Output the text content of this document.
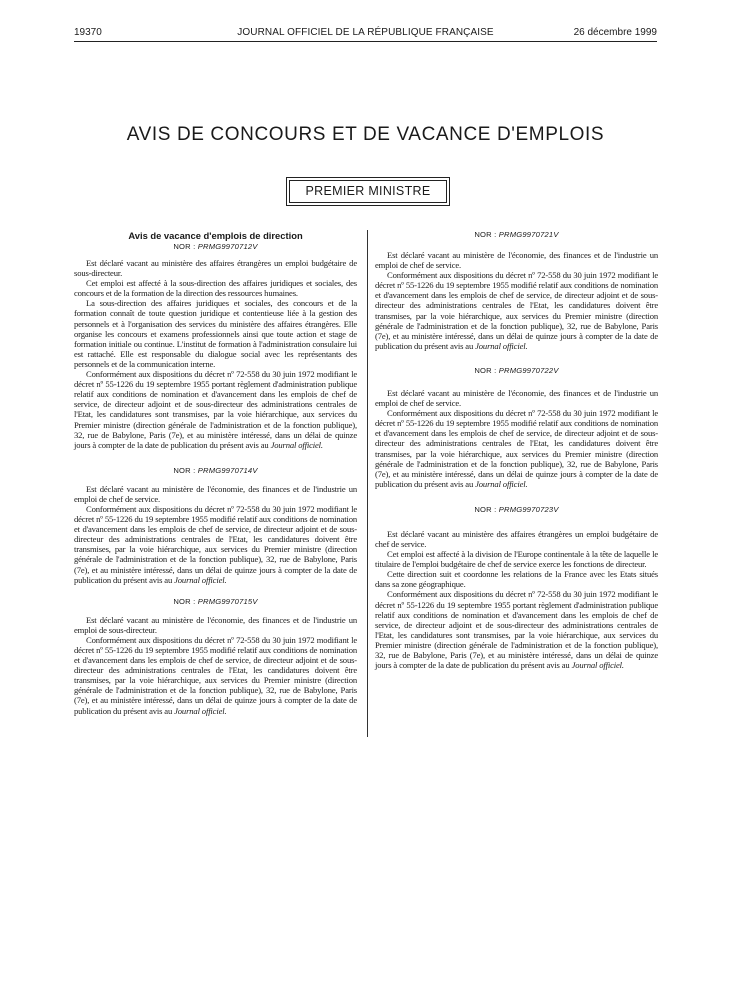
19370	JOURNAL OFFICIEL DE LA RÉPUBLIQUE FRANÇAISE	26 décembre 1999
AVIS DE CONCOURS ET DE VACANCE D'EMPLOIS
PREMIER MINISTRE
Avis de vacance d'emplois de direction
NOR : PRMG9970712V

Est déclaré vacant au ministère des affaires étrangères un emploi budgétaire de sous-directeur.

Cet emploi est affecté à la sous-direction des affaires juridiques et sociales, des concours et de la formation de la direction des ressources humaines.

La sous-direction des affaires juridiques et sociales, des concours et de la formation connaît de toute question juridique et contentieuse liée à la gestion des personnels et à l'organisation des services du ministère des affaires étrangères. Elle organise les concours et examens professionnels ainsi que toute action et stage de formation initiale ou continue. L'institut de formation à l'administration consulaire lui est rattaché. Elle est responsable du dialogue social avec les représentants des personnels et de la communication interne.

Conformément aux dispositions du décret nº 72-558 du 30 juin 1972 modifiant le décret nº 55-1226 du 19 septembre 1955 portant règlement d'administration publique relatif aux conditions de nomination et d'avancement dans les emplois de chef de service, de directeur adjoint et de sous-directeur des administrations centrales de l'Etat, les candidatures sont transmises, par la voie hiérarchique, aux services du Premier ministre (direction générale de l'administration et de la fonction publique), 32, rue de Babylone, Paris (7e), et au ministère intéressé, dans un délai de quinze jours à compter de la date de publication du présent avis au Journal officiel.

NOR : PRMG9970714V

Est déclaré vacant au ministère de l'économie, des finances et de l'industrie un emploi de chef de service.

Conformément aux dispositions du décret nº 72-558 du 30 juin 1972 modifiant le décret nº 55-1226 du 19 septembre 1955 modifié relatif aux conditions de nomination et d'avancement dans les emplois de chef de service, de directeur adjoint et de sous-directeur des administrations centrales de l'Etat, les candidatures doivent être transmises, par la voie hiérarchique, aux services du Premier ministre (direction générale de l'administration et de la fonction publique), 32, rue de Babylone, Paris (7e), et au ministère intéressé, dans un délai de quinze jours à compter de la date de publication du présent avis au Journal officiel.

NOR : PRMG9970715V

Est déclaré vacant au ministère de l'économie, des finances et de l'industrie un emploi de sous-directeur.

Conformément aux dispositions du décret nº 72-558 du 30 juin 1972 modifiant le décret nº 55-1226 du 19 septembre 1955 modifié relatif aux conditions de nomination et d'avancement dans les emplois de chef de service, de directeur adjoint et de sous-directeur des administrations centrales de l'Etat, les candidatures doivent être transmises, par la voie hiérarchique, aux services du Premier ministre (direction générale de l'administration et de la fonction publique), 32, rue de Babylone, Paris (7e), et au ministère intéressé, dans un délai de quinze jours à compter de la date de publication du présent avis au Journal officiel.

NOR : PRMG9970721V

Est déclaré vacant au ministère de l'économie, des finances et de l'industrie un emploi de chef de service.

Conformément aux dispositions du décret nº 72-558 du 30 juin 1972 modifiant le décret nº 55-1226 du 19 septembre 1955 modifié relatif aux conditions de nomination et d'avancement dans les emplois de chef de service, de directeur adjoint et de sous-directeur des administrations centrales de l'Etat, les candidatures doivent être transmises, par la voie hiérarchique, aux services du Premier ministre (direction générale de l'administration et de la fonction publique), 32, rue de Babylone, Paris (7e), et au ministère intéressé, dans un délai de quinze jours à compter de la date de publication du présent avis au Journal officiel.

NOR : PRMG9970722V

Est déclaré vacant au ministère de l'économie, des finances et de l'industrie un emploi de chef de service.

Conformément aux dispositions du décret nº 72-558 du 30 juin 1972 modifiant le décret nº 55-1226 du 19 septembre 1955 modifié relatif aux conditions de nomination et d'avancement dans les emplois de chef de service, de directeur adjoint et de sous-directeur des administrations centrales de l'Etat, les candidatures doivent être transmises, par la voie hiérarchique, aux services du Premier ministre (direction générale de l'administration et de la fonction publique), 32, rue de Babylone, Paris (7e), et au ministère intéressé, dans un délai de quinze jours à compter de la date de publication du présent avis au Journal officiel.

NOR : PRMG9970723V

Est déclaré vacant au ministère des affaires étrangères un emploi budgétaire de chef de service.

Cet emploi est affecté à la division de l'Europe continentale à la tête de laquelle le titulaire de l'emploi budgétaire de chef de service exerce les fonctions de directeur.

Cette direction suit et coordonne les relations de la France avec les Etats situés dans sa zone géographique.

Conformément aux dispositions du décret nº 72-558 du 30 juin 1972 modifiant le décret nº 55-1226 du 19 septembre 1955 portant règlement d'administration publique relatif aux conditions de nomination et d'avancement dans les emplois de chef de service, de directeur adjoint et de sous-directeur des administrations centrales de l'Etat, les candidatures sont transmises, par la voie hiérarchique, aux services du Premier ministre (direction générale de l'administration et de la fonction publique), 32, rue de Babylone, Paris (7e), et au ministère intéressé, dans un délai de quinze jours à compter de la date de publication du présent avis au Journal officiel.
